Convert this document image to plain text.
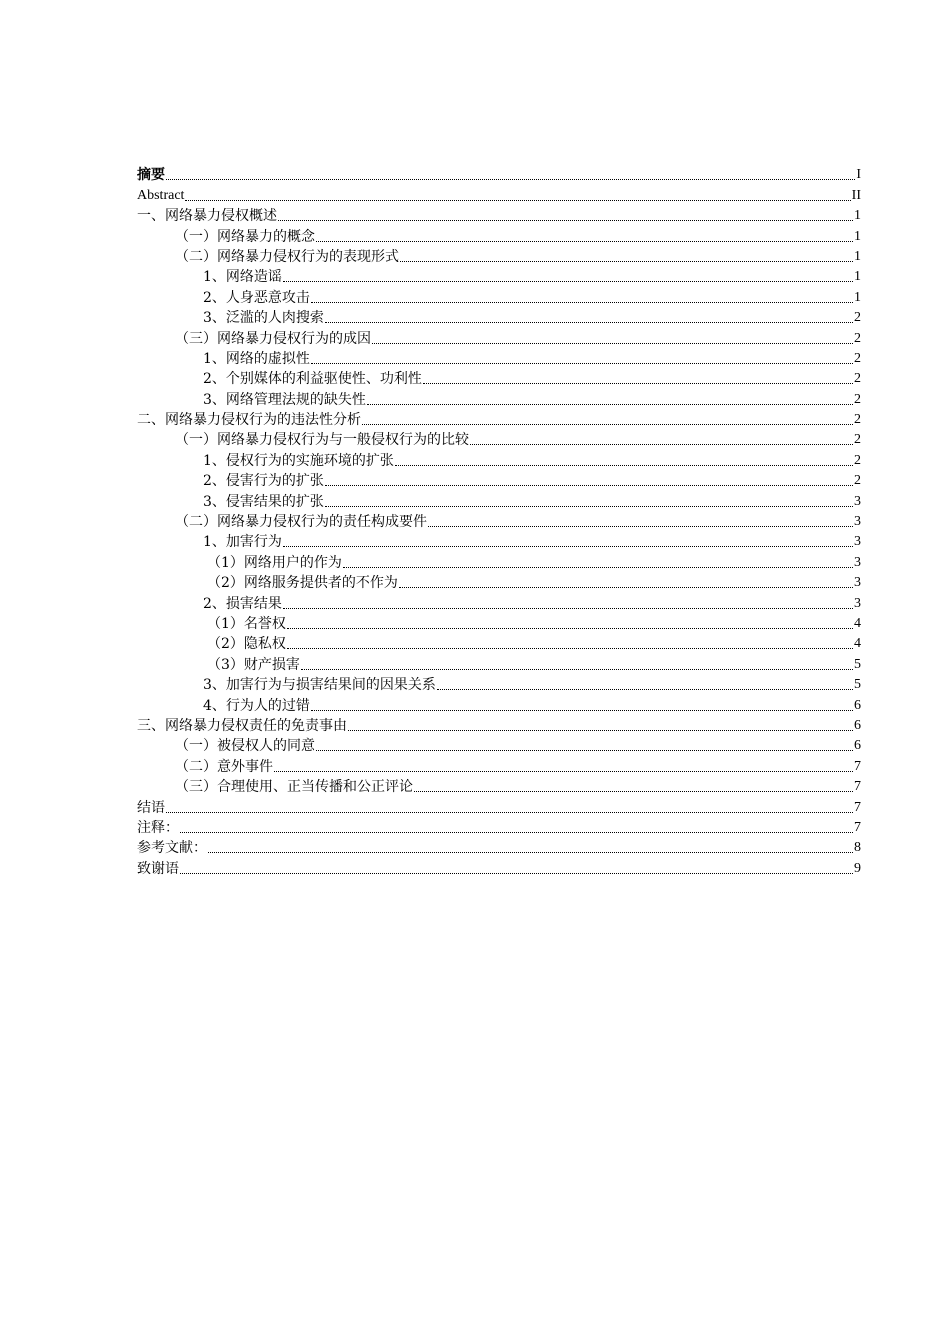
摘要	I
Abstract	II
一、网络暴力侵权概述	1
（一）网络暴力的概念	1
（二）网络暴力侵权行为的表现形式	1
1、网络造谣	1
2、人身恶意攻击	1
3、泛滥的人肉搜索	2
（三）网络暴力侵权行为的成因	2
1、网络的虚拟性	2
2、个别媒体的利益驱使性、功利性	2
3、网络管理法规的缺失性	2
二、网络暴力侵权行为的违法性分析	2
（一）网络暴力侵权行为与一般侵权行为的比较	2
1、侵权行为的实施环境的扩张	2
2、侵害行为的扩张	2
3、侵害结果的扩张	3
（二）网络暴力侵权行为的责任构成要件	3
1、加害行为	3
（1）网络用户的作为	3
（2）网络服务提供者的不作为	3
2、损害结果	3
（1）名誉权	4
（2）隐私权	4
（3）财产损害	5
3、加害行为与损害结果间的因果关系	5
4、行为人的过错	6
三、网络暴力侵权责任的免责事由	6
（一）被侵权人的同意	6
（二）意外事件	7
（三）合理使用、正当传播和公正评论	7
结语	7
注释：	7
参考文献：	8
致谢语	9
